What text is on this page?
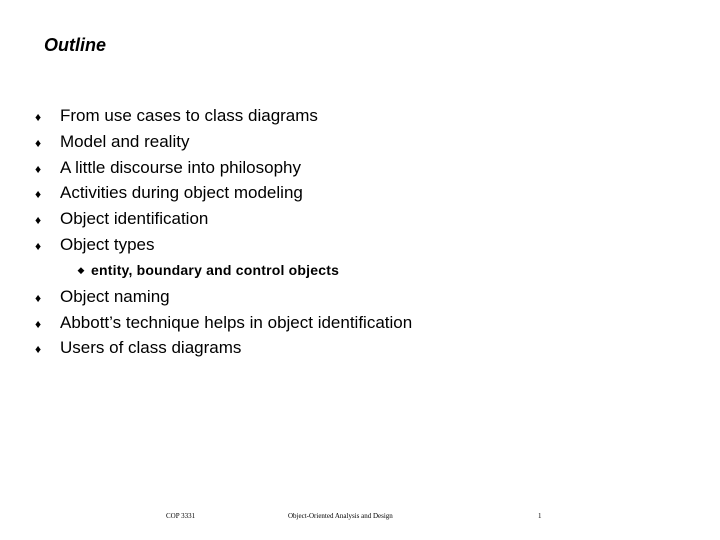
Outline
♦ From use cases to class diagrams
♦ Model and reality
♦ A little discourse into philosophy
♦ Activities during object modeling
♦ Object identification
♦ Object types
◆ entity, boundary and control objects
♦ Object naming
♦ Abbott’s technique helps in object identification
♦ Users of class diagrams
COP 3331	Object-Oriented Analysis and Design	1
